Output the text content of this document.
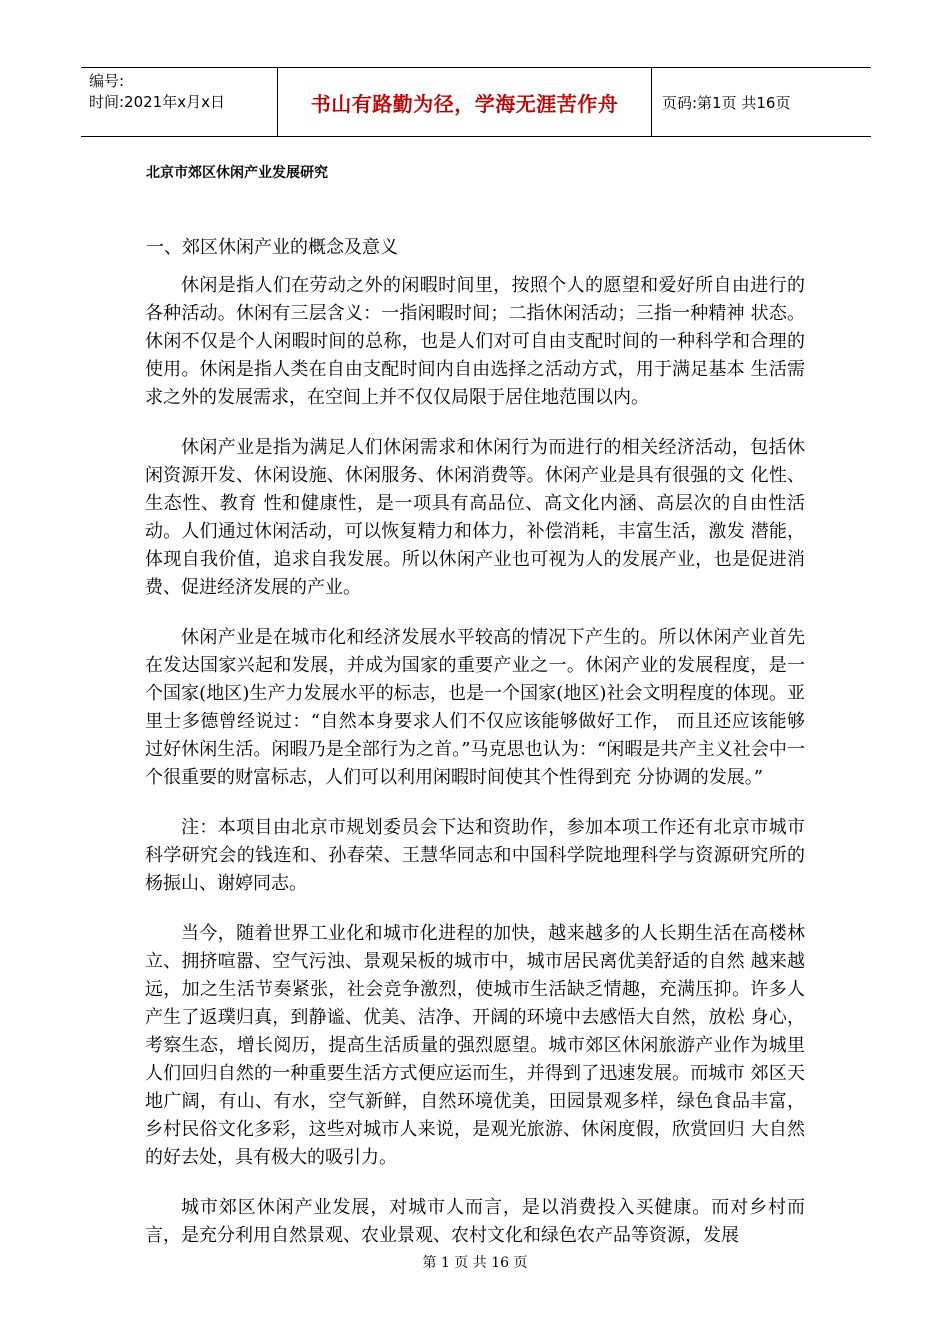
编号:
时间:2021年x月x日	书山有路勤为径，学海无涯苦作舟	页码:第1页 共16页
北京市郊区休闲产业发展研究
一、郊区休闲产业的概念及意义

休闲是指人们在劳动之外的闲暇时间里，按照个人的愿望和爱好所自由进行的各种活动。休闲有三层含义：一指闲暇时间；二指休闲活动；三指一种精神 状态。休闲不仅是个人闲暇时间的总称，也是人们对可自由支配时间的一种科学和合理的使用。休闲是指人类在自由支配时间内自由选择之活动方式，用于满足基本 生活需求之外的发展需求，在空间上并不仅仅局限于居住地范围以内。

休闲产业是指为满足人们休闲需求和休闲行为而进行的相关经济活动，包括休闲资源开发、休闲设施、休闲服务、休闲消费等。休闲产业是具有很强的文 化性、生态性、教育 性和健康性，是一项具有高品位、高文化内涵、高层次的自由性活动。人们通过休闲活动，可以恢复精力和体力，补偿消耗，丰富生活，激发 潜能，体现自我价值，追求自我发展。所以休闲产业也可视为人的发展产业，也是促进消费、促进经济发展的产业。

休闲产业是在城市化和经济发展水平较高的情况下产生的。所以休闲产业首先在发达国家兴起和发展，并成为国家的重要产业之一。休闲产业的发展程度，是一个国家(地区)生产力发展水平的标志，也是一个国家(地区)社会文明程度的体现。亚里士多德曾经说过：“自然本身要求人们不仅应该能够做好工作， 而且还应该能够过好休闲生活。闲暇乃是全部行为之首。”马克思也认为：“闲暇是共产主义社会中一个很重要的财富标志，人们可以利用闲暇时间使其个性得到充 分协调的发展。”

注：本项目由北京市规划委员会下达和资助作，参加本项工作还有北京市城市科学研究会的钱连和、孙春荣、王慧华同志和中国科学院地理科学与资源研究所的杨振山、谢婷同志。

当今，随着世界工业化和城市化进程的加快，越来越多的人长期生活在高楼林立、拥挤喧嚣、空气污浊、景观呆板的城市中，城市居民离优美舒适的自然 越来越远，加之生活节奏紧张，社会竞争激烈，使城市生活缺乏情趣，充满压抑。许多人产生了返璞归真，到静谧、优美、洁净、开阔的环境中去感悟大自然，放松 身心，考察生态，增长阅历，提高生活质量的强烈愿望。城市郊区休闲旅游产业作为城里人们回归自然的一种重要生活方式便应运而生，并得到了迅速发展。而城市 郊区天地广阔，有山、有水，空气新鲜，自然环境优美，田园景观多样，绿色食品丰富，乡村民俗文化多彩，这些对城市人来说，是观光旅游、休闲度假，欣赏回归 大自然的好去处，具有极大的吸引力。

城市郊区休闲产业发展，对城市人而言，是以消费投入买健康。而对乡村而言，是充分利用自然景观、农业景观、农村文化和绿色农产品等资源，发展

第 1 页 共 16 页
